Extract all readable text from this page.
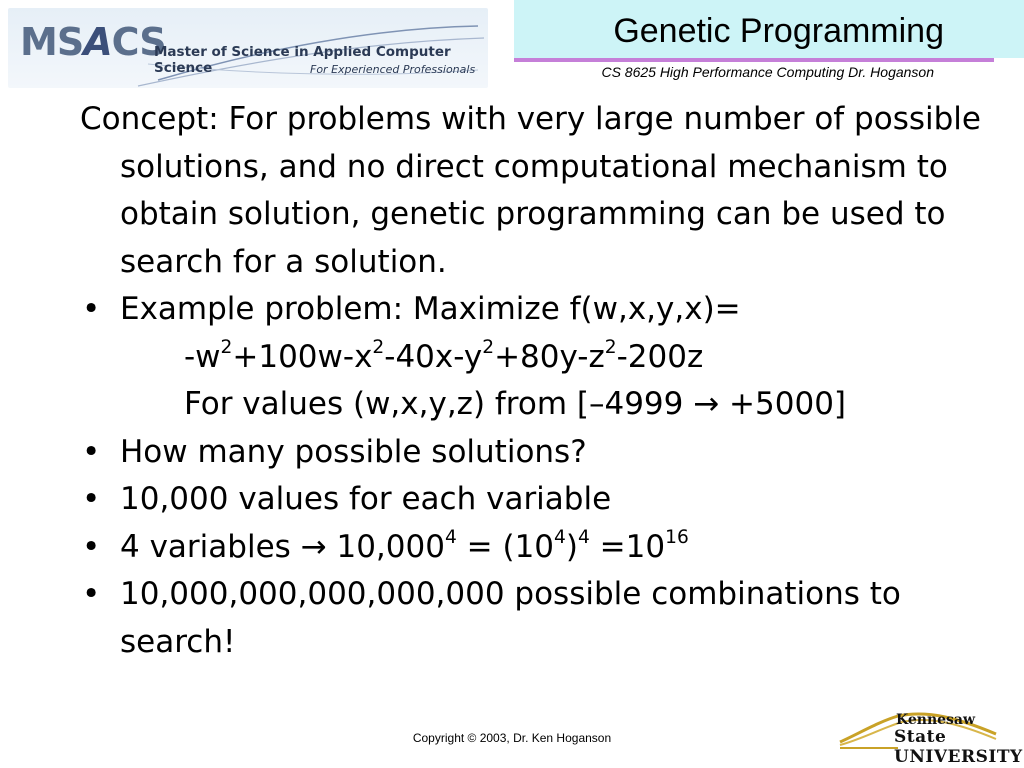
MSACS
Master of Science in Applied Computer Science	For Experienced Professionals
Genetic Programming
CS 8625 High Performance Computing Dr. Hoganson

Concept: For problems with very large number of possible solutions, and no direct computational mechanism to obtain solution, genetic programming can be used to search for a solution.

• Example problem: Maximize f(w,x,y,x)=

$-w^2+100w-x^2-40x-y^2+80y-z^2-200z$

For values (w,x,y,z) from [–4999 → +5000]

• How many possible solutions?

• 10,000 values for each variable

• 4 variables → $10,000^4 = (10^4)^4 =10^{16}$

• 10,000,000,000,000,000 possible combinations to search!

Copyright © 2003, Dr. Ken Hoganson
Kennesaw
State UNIVERSITY
